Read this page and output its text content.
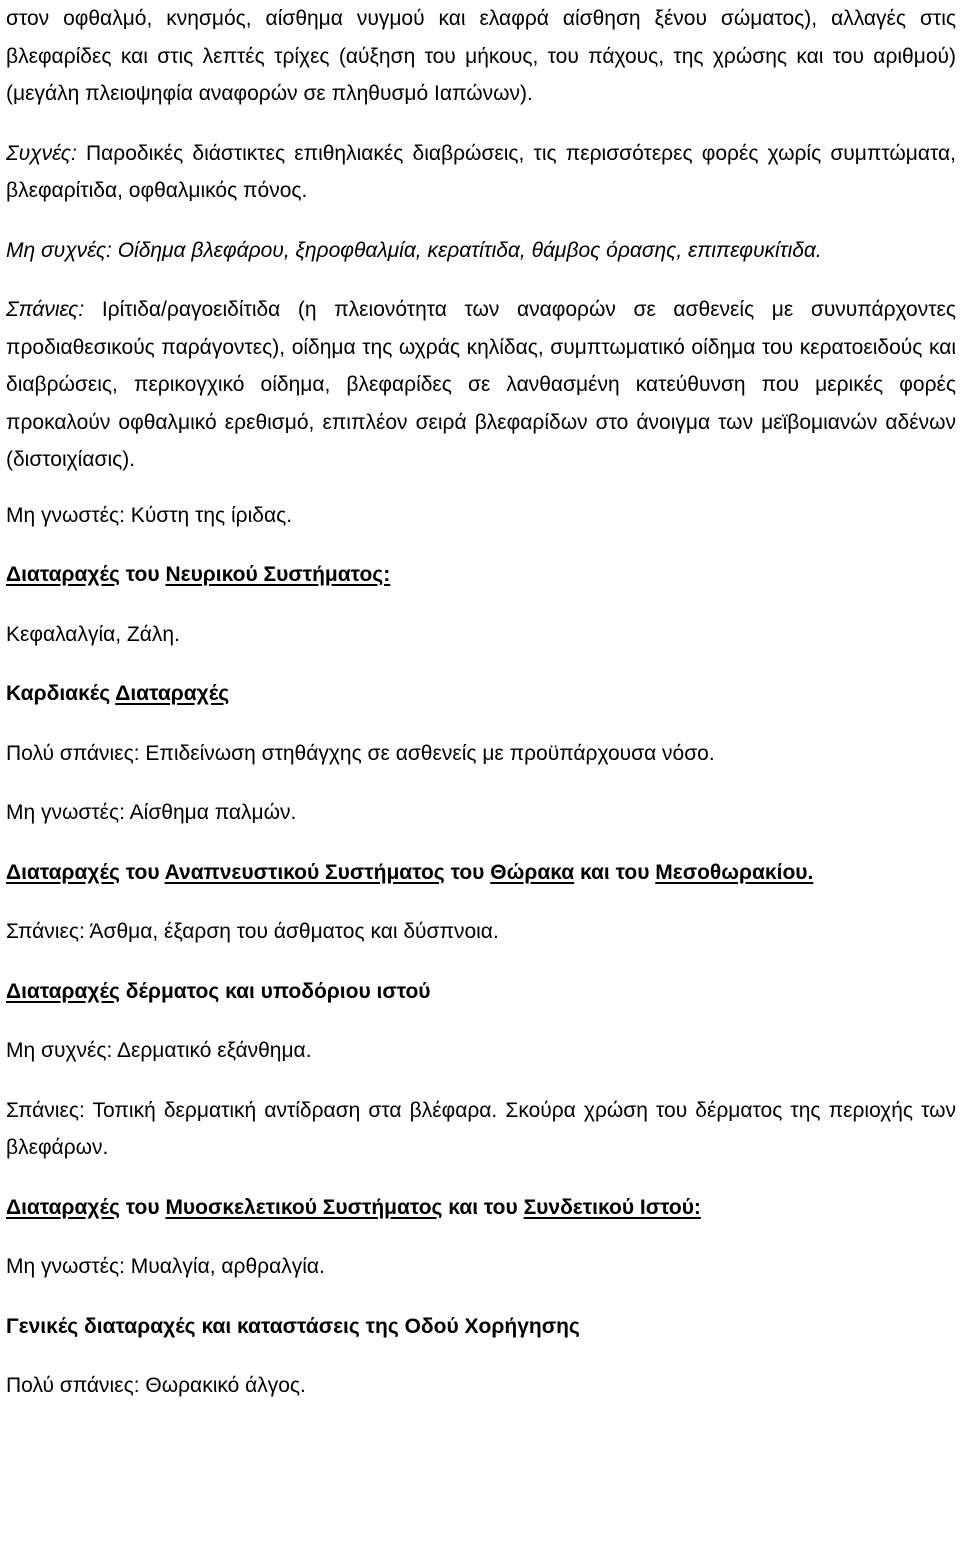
στον οφθαλμό, κνησμός, αίσθημα νυγμού και ελαφρά αίσθηση ξένου σώματος), αλλαγές στις βλεφαρίδες και στις λεπτές τρίχες (αύξηση του μήκους, του πάχους, της χρώσης και του αριθμού) (μεγάλη πλειοψηφία αναφορών σε πληθυσμό Ιαπώνων).

Συχνές: Παροδικές διάστικτες επιθηλιακές διαβρώσεις, τις περισσότερες φορές χωρίς συμπτώματα, βλεφαρίτιδα, οφθαλμικός πόνος.

Μη συχνές: Οίδημα βλεφάρου, ξηροφθαλμία, κερατίτιδα, θάμβος όρασης, επιπεφυκίτιδα.

Σπάνιες: Ιρίτιδα/ραγοειδίτιδα (η πλειονότητα των αναφορών σε ασθενείς με συνυπάρχοντες προδιαθεσικούς παράγοντες), οίδημα της ωχράς κηλίδας, συμπτωματικό οίδημα του κερατοειδούς και διαβρώσεις, περικογχικό οίδημα, βλεφαρίδες σε λανθασμένη κατεύθυνση που μερικές φορές προκαλούν οφθαλμικό ερεθισμό, επιπλέον σειρά βλεφαρίδων στο άνοιγμα των μεϊβομιανών αδένων (διστοιχίασις).

Μη γνωστές: Κύστη της ίριδας.

Διαταραχές του Νευρικού Συστήματος:

Κεφαλαλγία, Ζάλη.

Καρδιακές Διαταραχές

Πολύ σπάνιες: Επιδείνωση στηθάγχης σε ασθενείς με προϋπάρχουσα νόσο.

Μη γνωστές: Αίσθημα παλμών.

Διαταραχές του Αναπνευστικού Συστήματος του Θώρακα και του Μεσοθωρακίου.

Σπάνιες: Άσθμα, έξαρση του άσθματος και δύσπνοια.

Διαταραχές δέρματος και υποδόριου ιστού

Μη συχνές: Δερματικό εξάνθημα.

Σπάνιες: Τοπική δερματική αντίδραση στα βλέφαρα. Σκούρα χρώση του δέρματος της περιοχής των βλεφάρων.

Διαταραχές του Μυοσκελετικού Συστήματος και του Συνδετικού Ιστού:

Μη γνωστές: Μυαλγία, αρθραλγία.

Γενικές διαταραχές και καταστάσεις της Οδού Χορήγησης

Πολύ σπάνιες: Θωρακικό άλγος.
